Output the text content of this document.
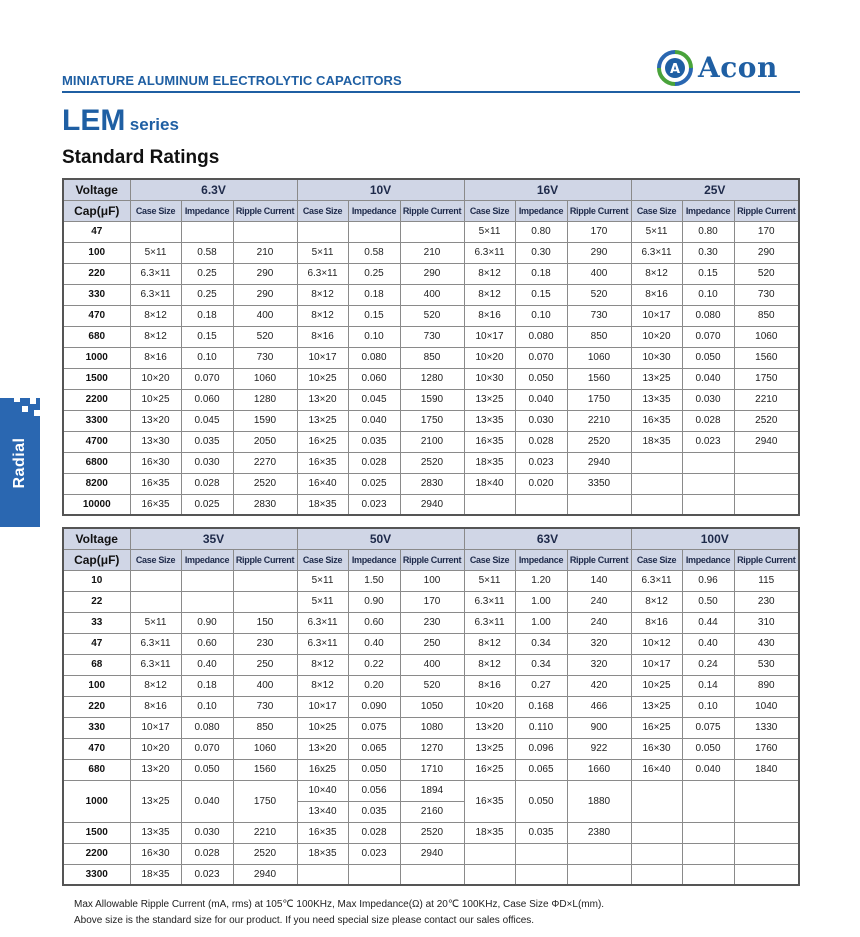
MINIATURE ALUMINUM ELECTROLYTIC CAPACITORS
A Acon
LEM series
Standard Ratings
Radial
Voltage	6.3V			10V			16V			25V		
Cap(μF)	Case Size	Impedance	Ripple Current	Case Size	Impedance	Ripple Current	Case Size	Impedance	Ripple Current	Case Size	Impedance	Ripple Current
47							5×11	0.80	170	5×11	0.80	170
100	5×11	0.58	210	5×11	0.58	210	6.3×11	0.30	290	6.3×11	0.30	290
220	6.3×11	0.25	290	6.3×11	0.25	290	8×12	0.18	400	8×12	0.15	520
330	6.3×11	0.25	290	8×12	0.18	400	8×12	0.15	520	8×16	0.10	730
470	8×12	0.18	400	8×12	0.15	520	8×16	0.10	730	10×17	0.080	850
680	8×12	0.15	520	8×16	0.10	730	10×17	0.080	850	10×20	0.070	1060
1000	8×16	0.10	730	10×17	0.080	850	10×20	0.070	1060	10×30	0.050	1560
1500	10×20	0.070	1060	10×25	0.060	1280	10×30	0.050	1560	13×25	0.040	1750
2200	10×25	0.060	1280	13×20	0.045	1590	13×25	0.040	1750	13×35	0.030	2210
3300	13×20	0.045	1590	13×25	0.040	1750	13×35	0.030	2210	16×35	0.028	2520
4700	13×30	0.035	2050	16×25	0.035	2100	16×35	0.028	2520	18×35	0.023	2940
6800	16×30	0.030	2270	16×35	0.028	2520	18×35	0.023	2940			
8200	16×35	0.028	2520	16×40	0.025	2830	18×40	0.020	3350			
10000	16×35	0.025	2830	18×35	0.023	2940						
Voltage	35V			50V			63V			100V		
Cap(μF)	Case Size	Impedance	Ripple Current	Case Size	Impedance	Ripple Current	Case Size	Impedance	Ripple Current	Case Size	Impedance	Ripple Current
10				5×11	1.50	100	5×11	1.20	140	6.3×11	0.96	115
22				5×11	0.90	170	6.3×11	1.00	240	8×12	0.50	230
33	5×11	0.90	150	6.3×11	0.60	230	6.3×11	1.00	240	8×16	0.44	310
47	6.3×11	0.60	230	6.3×11	0.40	250	8×12	0.34	320	10×12	0.40	430
68	6.3×11	0.40	250	8×12	0.22	400	8×12	0.34	320	10×17	0.24	530
100	8×12	0.18	400	8×12	0.20	520	8×16	0.27	420	10×25	0.14	890
220	8×16	0.10	730	10×17	0.090	1050	10×20	0.168	466	13×25	0.10	1040
330	10×17	0.080	850	10×25	0.075	1080	13×20	0.110	900	16×25	0.075	1330
470	10×20	0.070	1060	13×20	0.065	1270	13×25	0.096	922	16×30	0.050	1760
680	13×20	0.050	1560	16x25	0.050	1710	16×25	0.065	1660	16×40	0.040	1840
1000	13×25	0.040	1750	10×40	0.056	1894	16×35	0.050	1880			
				13×40	0.035	2160						
1500	13×35	0.030	2210	16×35	0.028	2520	18×35	0.035	2380			
2200	16×30	0.028	2520	18×35	0.023	2940						
3300	18×35	0.023	2940									
Max Allowable Ripple Current (mA, rms) at 105℃ 100KHz, Max Impedance(Ω) at 20℃ 100KHz, Case Size ΦD×L(mm).
Above size is the standard size for our product. If you need special size please contact our sales offices.
